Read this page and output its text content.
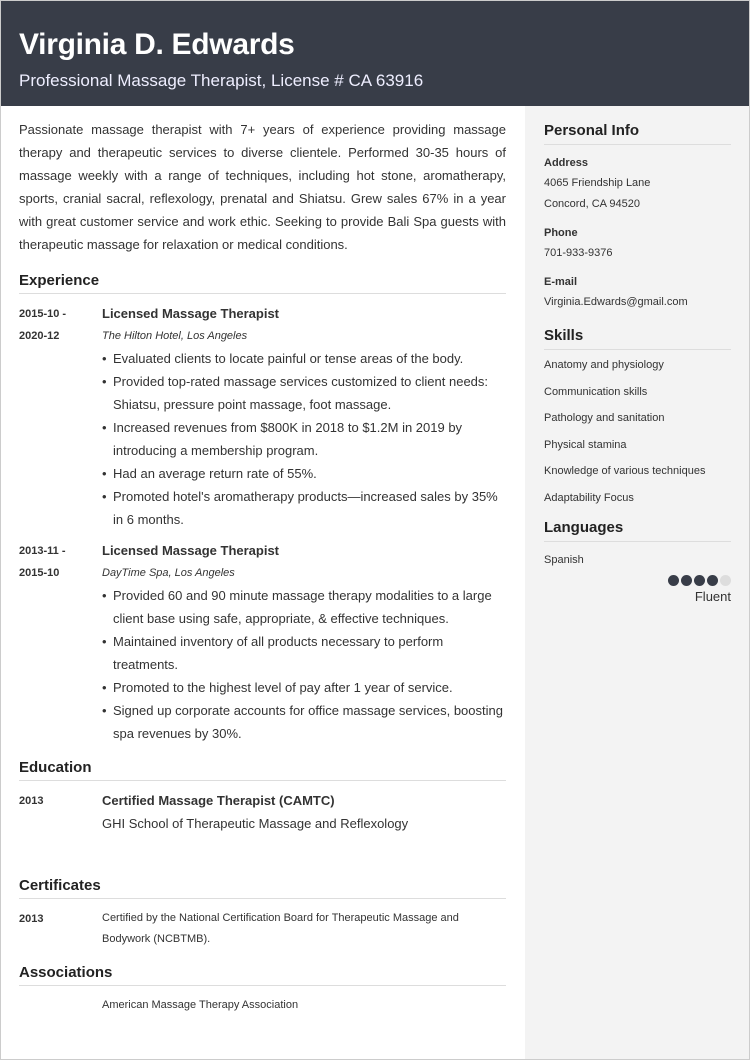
Virginia D. Edwards
Professional Massage Therapist, License # CA 63916

Passionate massage therapist with 7+ years of experience providing massage therapy and therapeutic services to diverse clientele. Performed 30-35 hours of massage weekly with a range of techniques, including hot stone, aromatherapy, sports, cranial sacral, reflexology, prenatal and Shiatsu. Grew sales 67% in a year with great customer service and work ethic. Seeking to provide Bali Spa guests with therapeutic massage for relaxation or medical conditions.

Experience
2015-10 -
2020-12
Licensed Massage Therapist
The Hilton Hotel, Los Angeles
• Evaluated clients to locate painful or tense areas of the body.
• Provided top-rated massage services customized to client needs: Shiatsu, pressure point massage, foot massage.
• Increased revenues from $800K in 2018 to $1.2M in 2019 by introducing a membership program.
• Had an average return rate of 55%.
• Promoted hotel's aromatherapy products—increased sales by 35% in 6 months.
2013-11 -
2015-10
Licensed Massage Therapist
DayTime Spa, Los Angeles
• Provided 60 and 90 minute massage therapy modalities to a large client base using safe, appropriate, & effective techniques.
• Maintained inventory of all products necessary to perform treatments.
• Promoted to the highest level of pay after 1 year of service.
• Signed up corporate accounts for office massage services, boosting spa revenues by 30%.
Education
2013	Certified Massage Therapist (CAMTC)
GHI School of Therapeutic Massage and Reflexology
Certificates
2013	Certified by the National Certification Board for Therapeutic Massage and Bodywork (NCBTMB).
Associations
American Massage Therapy Association
Personal Info
Address
4065 Friendship Lane
Concord, CA 94520
Phone
701-933-9376
E-mail
Virginia.Edwards@gmail.com
Skills
Anatomy and physiology
Communication skills
Pathology and sanitation
Physical stamina
Knowledge of various techniques
Adaptability Focus
Languages
Spanish
Fluent
